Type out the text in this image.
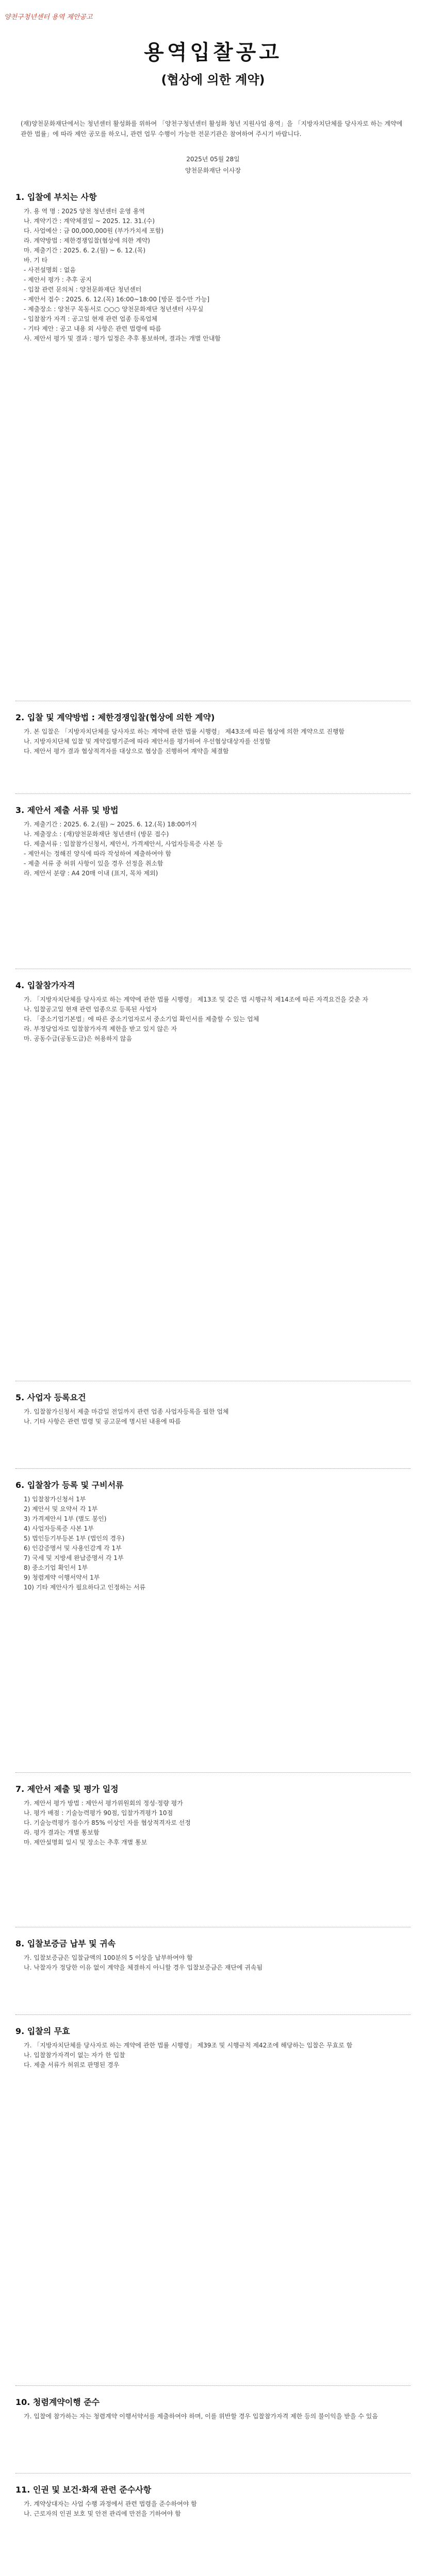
양천구청년센터 용역 제안공고
용역입찰공고
(협상에 의한 계약)
(재)양천문화재단에서는 청년센터 활성화를 위하여 「양천구청년센터 활성화 청년 지원사업 용역」을 「지방자치단체를 당사자로 하는 계약에 관한 법률」에 따라 제안 공모를 하오니, 관련 업무 수행이 가능한 전문기관은 참여하여 주시기 바랍니다.
2025년 05월 28일
양천문화재단 이사장
1. 입찰에 부치는 사항
가. 용 역 명 : 2025 양천 청년센터 운영 용역
나. 계약기간 : 계약체결일 ~ 2025. 12. 31.(수)
다. 사업예산 : 금 00,000,000원 (부가가치세 포함)
라. 계약방법 : 제한경쟁입찰(협상에 의한 계약)
마. 제출기간 : 2025. 6. 2.(월) ~ 6. 12.(목)
바. 기 타
- 사전설명회 : 없음
- 제안서 평가 : 추후 공지
- 입찰 관련 문의처 : 양천문화재단 청년센터
- 제안서 접수 : 2025. 6. 12.(목) 16:00~18:00 [방문 접수만 가능]
- 제출장소 : 양천구 목동서로 ○○○ 양천문화재단 청년센터 사무실
- 입찰참가 자격 : 공고일 현재 관련 업종 등록업체
- 기타 제안 : 공고 내용 외 사항은 관련 법령에 따름
사. 제안서 평가 및 결과 : 평가 일정은 추후 통보하며, 결과는 개별 안내함
2. 입찰 및 계약방법 : 제한경쟁입찰(협상에 의한 계약)
가. 본 입찰은 「지방자치단체를 당사자로 하는 계약에 관한 법률 시행령」 제43조에 따른 협상에 의한 계약으로 진행함
나. 지방자치단체 입찰 및 계약집행기준에 따라 제안서를 평가하여 우선협상대상자를 선정함
다. 제안서 평가 결과 협상적격자를 대상으로 협상을 진행하여 계약을 체결함
3. 제안서 제출 서류 및 방법
가. 제출기간 : 2025. 6. 2.(월) ~ 2025. 6. 12.(목) 18:00까지
나. 제출장소 : (재)양천문화재단 청년센터 (방문 접수)
다. 제출서류 : 입찰참가신청서, 제안서, 가격제안서, 사업자등록증 사본 등
- 제안서는 정해진 양식에 따라 작성하여 제출하여야 함
- 제출 서류 중 허위 사항이 있을 경우 선정을 취소함
라. 제안서 분량 : A4 20매 이내 (표지, 목차 제외)
4. 입찰참가자격
가. 「지방자치단체를 당사자로 하는 계약에 관한 법률 시행령」 제13조 및 같은 법 시행규칙 제14조에 따른 자격요건을 갖춘 자
나. 입찰공고일 현재 관련 업종으로 등록된 사업자
다. 「중소기업기본법」에 따른 중소기업자로서 중소기업 확인서를 제출할 수 있는 업체
라. 부정당업자로 입찰참가자격 제한을 받고 있지 않은 자
마. 공동수급(공동도급)은 허용하지 않음
5. 사업자 등록요건
가. 입찰참가신청서 제출 마감일 전일까지 관련 업종 사업자등록을 필한 업체
나. 기타 사항은 관련 법령 및 공고문에 명시된 내용에 따름
6. 입찰참가 등록 및 구비서류
1) 입찰참가신청서 1부
2) 제안서 및 요약서 각 1부
3) 가격제안서 1부 (별도 봉인)
4) 사업자등록증 사본 1부
5) 법인등기부등본 1부 (법인의 경우)
6) 인감증명서 및 사용인감계 각 1부
7) 국세 및 지방세 완납증명서 각 1부
8) 중소기업 확인서 1부
9) 청렴계약 이행서약서 1부
10) 기타 제안사가 필요하다고 인정하는 서류
7. 제안서 제출 및 평가 일정
가. 제안서 평가 방법 : 제안서 평가위원회의 정성·정량 평가
나. 평가 배점 : 기술능력평가 90점, 입찰가격평가 10점
다. 기술능력평가 점수가 85% 이상인 자를 협상적격자로 선정
라. 평가 결과는 개별 통보함
마. 제안설명회 일시 및 장소는 추후 개별 통보
8. 입찰보증금 납부 및 귀속
가. 입찰보증금은 입찰금액의 100분의 5 이상을 납부하여야 함
나. 낙찰자가 정당한 이유 없이 계약을 체결하지 아니할 경우 입찰보증금은 재단에 귀속됨
9. 입찰의 무효
가. 「지방자치단체를 당사자로 하는 계약에 관한 법률 시행령」 제39조 및 시행규칙 제42조에 해당하는 입찰은 무효로 함
나. 입찰참가자격이 없는 자가 한 입찰
다. 제출 서류가 허위로 판명된 경우
10. 청렴계약이행 준수
가. 입찰에 참가하는 자는 청렴계약 이행서약서를 제출하여야 하며, 이를 위반할 경우 입찰참가자격 제한 등의 불이익을 받을 수 있음
11. 인권 및 보건·화재 관련 준수사항
가. 계약상대자는 사업 수행 과정에서 관련 법령을 준수하여야 함
나. 근로자의 인권 보호 및 안전 관리에 만전을 기하여야 함
